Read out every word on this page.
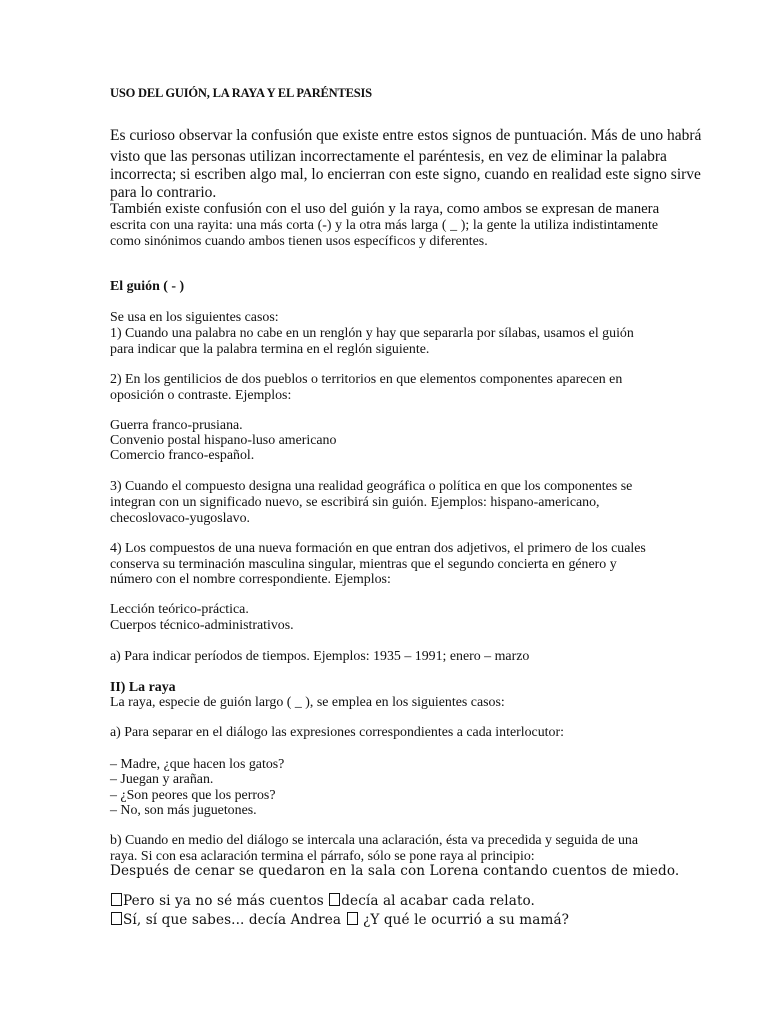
USO DEL GUIÓN, LA RAYA Y EL PARÉNTESIS
Es curioso observar la confusión que existe entre estos signos de puntuación. Más de uno habrá
visto que las personas utilizan incorrectamente el paréntesis, en vez de eliminar la palabra
incorrecta; si escriben algo mal, lo encierran con este signo, cuando en realidad este signo sirve
para lo contrario.
También existe confusión con el uso del guión y la raya, como ambos se expresan de manera
escrita con una rayita: una más corta (-) y la otra más larga ( _ ); la gente la utiliza indistintamente
como sinónimos cuando ambos tienen usos específicos y diferentes.
El guión ( - )
Se usa en los siguientes casos:
1) Cuando una palabra no cabe en un renglón y hay que separarla por sílabas, usamos el guión
para indicar que la palabra termina en el reglón siguiente.
2) En los gentilicios de dos pueblos o territorios en que elementos componentes aparecen en
oposición o contraste. Ejemplos:
Guerra franco-prusiana.
Convenio postal hispano-luso americano
Comercio franco-español.
3) Cuando el compuesto designa una realidad geográfica o política en que los componentes se
integran con un significado nuevo, se escribirá sin guión. Ejemplos: hispano-americano,
checoslovaco-yugoslavo.
4) Los compuestos de una nueva formación en que entran dos adjetivos, el primero de los cuales
conserva su terminación masculina singular, mientras que el segundo concierta en género y
número con el nombre correspondiente. Ejemplos:
Lección teórico-práctica.
Cuerpos técnico-administrativos.
a) Para indicar períodos de tiempos. Ejemplos: 1935 – 1991; enero – marzo
II) La raya
La raya, especie de guión largo ( _ ), se emplea en los siguientes casos:
a) Para separar en el diálogo las expresiones correspondientes a cada interlocutor:
– Madre, ¿que hacen los gatos?
– Juegan y arañan.
– ¿Son peores que los perros?
– No, son más juguetones.
b) Cuando en medio del diálogo se intercala una aclaración, ésta va precedida y seguida de una
raya. Si con esa aclaración termina el párrafo, sólo se pone raya al principio:
Después de cenar se quedaron en la sala con Lorena contando cuentos de miedo.
Pero si ya no sé más cuentos decía al acabar cada relato.
Sí, sí que sabes... decía Andrea  ¿Y qué le ocurrió a su mamá?
